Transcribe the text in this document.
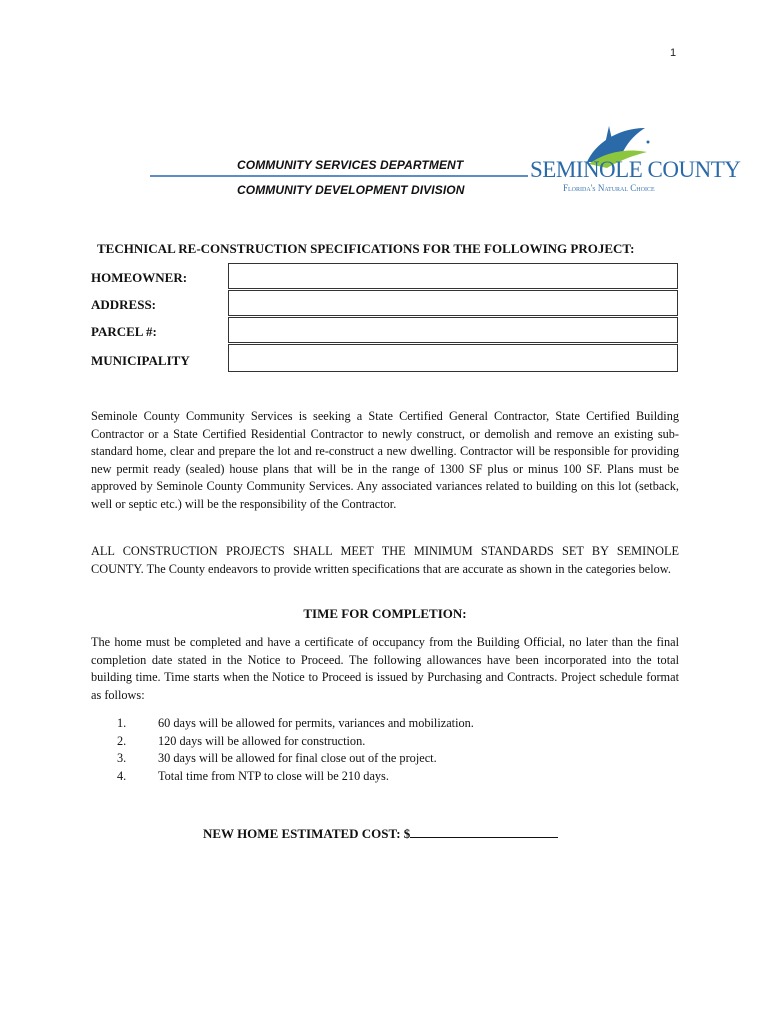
1
COMMUNITY SERVICES DEPARTMENT
COMMUNITY DEVELOPMENT DIVISION
SEMINOLE COUNTY
Florida's Natural Choice
TECHNICAL RE-CONSTRUCTION SPECIFICATIONS FOR THE FOLLOWING PROJECT:
HOMEOWNER:
ADDRESS:
PARCEL #:
MUNICIPALITY
Seminole County Community Services is seeking a State Certified General Contractor, State Certified Building Contractor or a State Certified Residential Contractor to newly construct, or demolish and remove an existing sub-standard home, clear and prepare the lot and re-construct a new dwelling. Contractor will be responsible for providing new permit ready (sealed) house plans that will be in the range of 1300 SF plus or minus 100 SF. Plans must be approved by Seminole County Community Services. Any associated variances related to building on this lot (setback, well or septic etc.) will be the responsibility of the Contractor.
ALL CONSTRUCTION PROJECTS SHALL MEET THE MINIMUM STANDARDS SET BY SEMINOLE COUNTY. The County endeavors to provide written specifications that are accurate as shown in the categories below.
TIME FOR COMPLETION:
The home must be completed and have a certificate of occupancy from the Building Official, no later than the final completion date stated in the Notice to Proceed. The following allowances have been incorporated into the total building time. Time starts when the Notice to Proceed is issued by Purchasing and Contracts. Project schedule format as follows:
1.	60 days will be allowed for permits, variances and mobilization.
2.	120 days will be allowed for construction.
3.	30 days will be allowed for final close out of the project.
4.	Total time from NTP to close will be 210 days.
NEW HOME ESTIMATED COST: $
